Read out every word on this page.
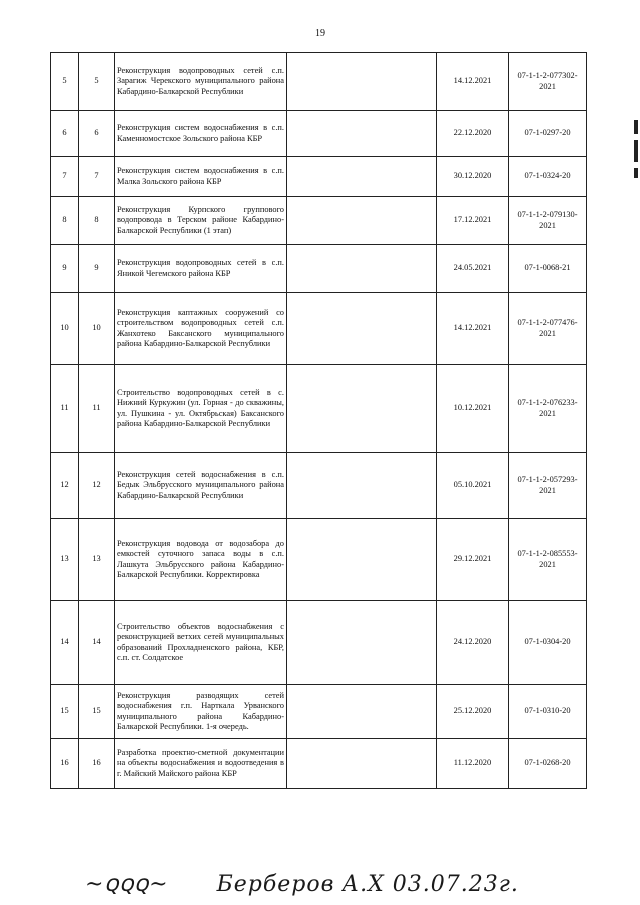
19
5	5	Реконструкция водопроводных сетей с.п. Зарагиж Черекского муниципального района Кабардино-Балкарской Республики		14.12.2021	07-1-1-2-077302-2021
6	6	Реконструкция систем водоснабжения в с.п. Каменномостское Зольского района КБР		22.12.2020	07-1-0297-20
7	7	Реконструкция систем водоснабжения в с.п. Малка Зольского района КБР		30.12.2020	07-1-0324-20
8	8	Реконструкция Курпского группового водопровода в Терском районе Кабардино-Балкарской Республики (1 этап)		17.12.2021	07-1-1-2-079130-2021
9	9	Реконструкция водопроводных сетей в с.п. Яникой Чегемского района КБР		24.05.2021	07-1-0068-21
10	10	Реконструкция каптажных сооружений со строительством водопроводных сетей с.п. Жанхотеко Баксанского муниципального района Кабардино-Балкарской Республики		14.12.2021	07-1-1-2-077476-2021
11	11	Строительство водопроводных сетей в с. Нижний Куркужин (ул. Горная - до скважины, ул. Пушкина - ул. Октябрьская) Баксанского района Кабардино-Балкарской Республики		10.12.2021	07-1-1-2-076233-2021
12	12	Реконструкция сетей водоснабжения в с.п. Бедык Эльбрусского муниципального района Кабардино-Балкарской Республики		05.10.2021	07-1-1-2-057293-2021
13	13	Реконструкция водовода от водозабора до емкостей суточного запаса воды в с.п. Лашкута Эльбрусского района Кабардино-Балкарской Республики. Корректировка		29.12.2021	07-1-1-2-085553-2021
14	14	Строительство объектов водоснабжения с реконструкцией ветхих сетей муниципальных образований Прохладненского района, КБР, с.п. ст. Солдатское		24.12.2020	07-1-0304-20
15	15	Реконструкция разводящих сетей водоснабжения г.п. Нарткала Урванского муниципального района Кабардино-Балкарской Республики. 1-я очередь.		25.12.2020	07-1-0310-20
16	16	Разработка проектно-сметной документации на объекты водоснабжения и водоотведения в г. Майский Майского района КБР		11.12.2020	07-1-0268-20
~ꞯꞯꞯ~ Берберов А.Х 03.07.23г.
